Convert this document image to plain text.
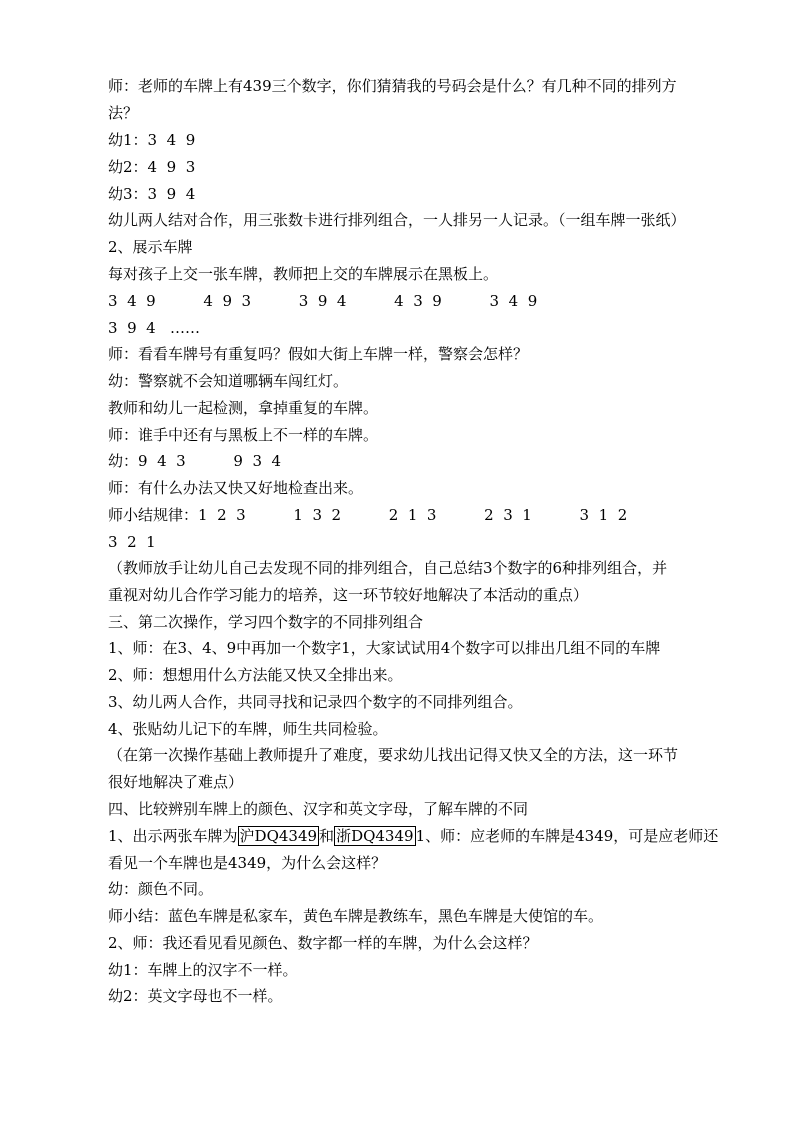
师：老师的车牌上有439三个数字，你们猜猜我的号码会是什么？有几种不同的排列方
法？
幼1：3  4  9
幼2：4  9  3
幼3：3  9  4
幼儿两人结对合作，用三张数卡进行排列组合，一人排另一人记录。（一组车牌一张纸）
2、展示车牌
每对孩子上交一张车牌，教师把上交的车牌展示在黑板上。
3  4  9          4  9  3          3  9  4          4  3  9          3  4  9
3  9  4   ……
师：看看车牌号有重复吗？假如大街上车牌一样，警察会怎样？
幼：警察就不会知道哪辆车闯红灯。
教师和幼儿一起检测，拿掉重复的车牌。
师：谁手中还有与黑板上不一样的车牌。
幼：9  4  3          9  3  4
师：有什么办法又快又好地检查出来。
师小结规律：1  2  3          1  3  2          2  1  3          2  3  1          3  1  2
3  2  1
（教师放手让幼儿自己去发现不同的排列组合，自己总结3个数字的6种排列组合，并
重视对幼儿合作学习能力的培养，这一环节较好地解决了本活动的重点）
三、第二次操作，学习四个数字的不同排列组合
1、师：在3、4、9中再加一个数字1，大家试试用4个数字可以排出几组不同的车牌
2、师：想想用什么方法能又快又全排出来。
3、幼儿两人合作，共同寻找和记录四个数字的不同排列组合。
4、张贴幼儿记下的车牌，师生共同检验。
（在第一次操作基础上教师提升了难度，要求幼儿找出记得又快又全的方法，这一环节
很好地解决了难点）
四、比较辨别车牌上的颜色、汉字和英文字母，了解车牌的不同
1、出示两张车牌为 沪DQ4349 和 浙DQ4349 1、师：应老师的车牌是4349，可是应老师还
看见一个车牌也是4349，为什么会这样？
幼：颜色不同。
师小结：蓝色车牌是私家车，黄色车牌是教练车，黑色车牌是大使馆的车。
2、师：我还看见看见颜色、数字都一样的车牌，为什么会这样？
幼1：车牌上的汉字不一样。
幼2：英文字母也不一样。
